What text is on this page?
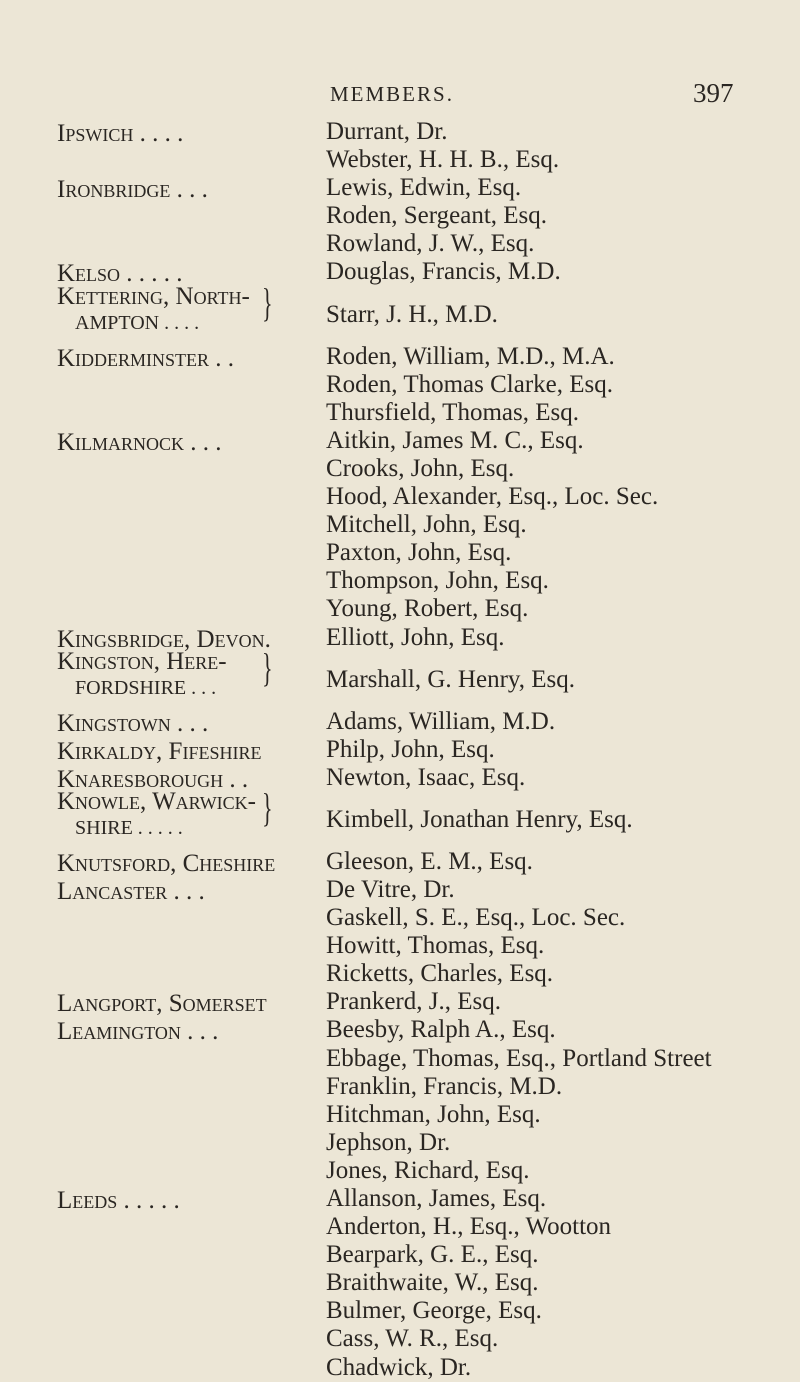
MEMBERS.	397
Ipswich . . . .	Durrant, Dr.
Webster, H. H. B., Esq.
Ironbridge . . .	Lewis, Edwin, Esq.
Roden, Sergeant, Esq.
Rowland, J. W., Esq.
Kelso . . . . .	Douglas, Francis, M.D.
}
Kettering, North-
AMPTON . . . .	Starr, J. H., M.D.
Kidderminster . .	Roden, William, M.D., M.A.
Roden, Thomas Clarke, Esq.
Thursfield, Thomas, Esq.
Kilmarnock . . .	Aitkin, James M. C., Esq.
Crooks, John, Esq.
Hood, Alexander, Esq., Loc. Sec.
Mitchell, John, Esq.
Paxton, John, Esq.
Thompson, John, Esq.
Young, Robert, Esq.
Kingsbridge, Devon.	Elliott, John, Esq.
}
Kingston, Here-
FORDSHIRE . . .	Marshall, G. Henry, Esq.
Kingstown . . .	Adams, William, M.D.
Kirkaldy, Fifeshire	Philp, John, Esq.
Knaresborough . .	Newton, Isaac, Esq.
}
Knowle, Warwick-
SHIRE . . . . .	Kimbell, Jonathan Henry, Esq.
Knutsford, Cheshire	Gleeson, E. M., Esq.
Lancaster . . .	De Vitre, Dr.
Gaskell, S. E., Esq., Loc. Sec.
Howitt, Thomas, Esq.
Ricketts, Charles, Esq.
Langport, Somerset	Prankerd, J., Esq.
Leamington . . .	Beesby, Ralph A., Esq.
Ebbage, Thomas, Esq., Portland Street
Franklin, Francis, M.D.
Hitchman, John, Esq.
Jephson, Dr.
Jones, Richard, Esq.
Leeds . . . . .	Allanson, James, Esq.
Anderton, H., Esq., Wootton
Bearpark, G. E., Esq.
Braithwaite, W., Esq.
Bulmer, George, Esq.
Cass, W. R., Esq.
Chadwick, Dr.
